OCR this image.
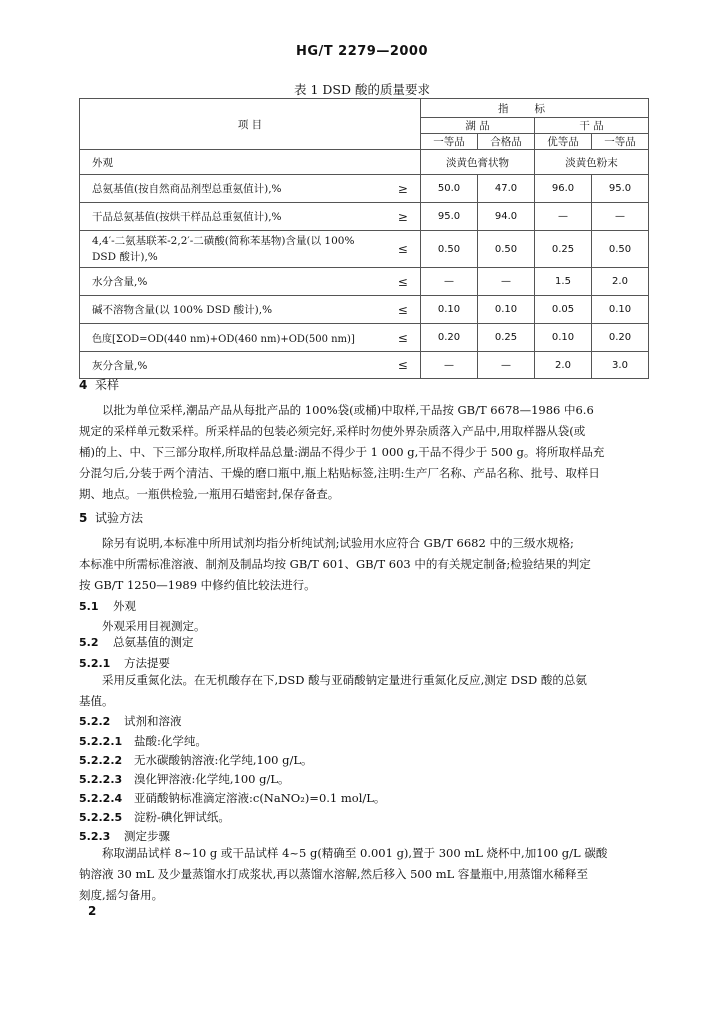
HG/T 2279—2000
表 1 DSD 酸的质量要求
项 目		指标			
		湖 品		干 品	
		一等品	合格品	优等品	一等品
外观		淡黄色膏状物		淡黄色粉末	
总氨基值(按自然商品剂型总重氨值计),%	≥	50.0	47.0	96.0	95.0
干品总氨基值(按烘干样品总重氨值计),%	≥	95.0	94.0	—	—
4,4′-二氨基联苯-2,2′-二磺酸(简称苯基物)含量(以 100% DSD 酸计),%	≤	0.50	0.50	0.25	0.50
水分含量,%	≤	—	—	1.5	2.0
碱不溶物含量(以 100% DSD 酸计),%	≤	0.10	0.10	0.05	0.10
色度[ΣOD=OD(440 nm)+OD(460 nm)+OD(500 nm)]	≤	0.20	0.25	0.10	0.20
灰分含量,%	≤	—	—	2.0	3.0
4 采样
以批为单位采样,潮品产品从每批产品的 100%袋(或桶)中取样,干品按 GB/T 6678—1986 中6.6
规定的采样单元数采样。所采样品的包装必须完好,采样时勿使外界杂质落入产品中,用取样器从袋(或
桶)的上、中、下三部分取样,所取样品总量:湖品不得少于 1 000 g,干品不得少于 500 g。将所取样品充
分混匀后,分装于两个清洁、干燥的磨口瓶中,瓶上粘贴标签,注明:生产厂名称、产品名称、批号、取样日
期、地点。一瓶供检验,一瓶用石蜡密封,保存备查。
5 试验方法
除另有说明,本标准中所用试剂均指分析纯试剂;试验用水应符合 GB/T 6682 中的三级水规格;
本标准中所需标准溶液、制剂及制品均按 GB/T 601、GB/T 603 中的有关规定制备;检验结果的判定
按 GB/T 1250—1989 中修约值比较法进行。
5.1 外观
外观采用目视测定。
5.2 总氨基值的测定
5.2.1 方法提要
采用反重氮化法。在无机酸存在下,DSD 酸与亚硝酸钠定量进行重氮化反应,测定 DSD 酸的总氨
基值。
5.2.2 试剂和溶液
5.2.2.1 盐酸:化学纯。
5.2.2.2 无水碳酸钠溶液:化学纯,100 g/L。
5.2.2.3 溴化钾溶液:化学纯,100 g/L。
5.2.2.4 亚硝酸钠标准滴定溶液:c(NaNO₂)=0.1 mol/L。
5.2.2.5 淀粉-碘化钾试纸。
5.2.3 测定步骤
称取湖品试样 8~10 g 或干品试样 4~5 g(精确至 0.001 g),置于 300 mL 烧杯中,加100 g/L 碳酸
钠溶液 30 mL 及少量蒸馏水打成浆状,再以蒸馏水溶解,然后移入 500 mL 容量瓶中,用蒸馏水稀释至
刻度,摇匀备用。
2
